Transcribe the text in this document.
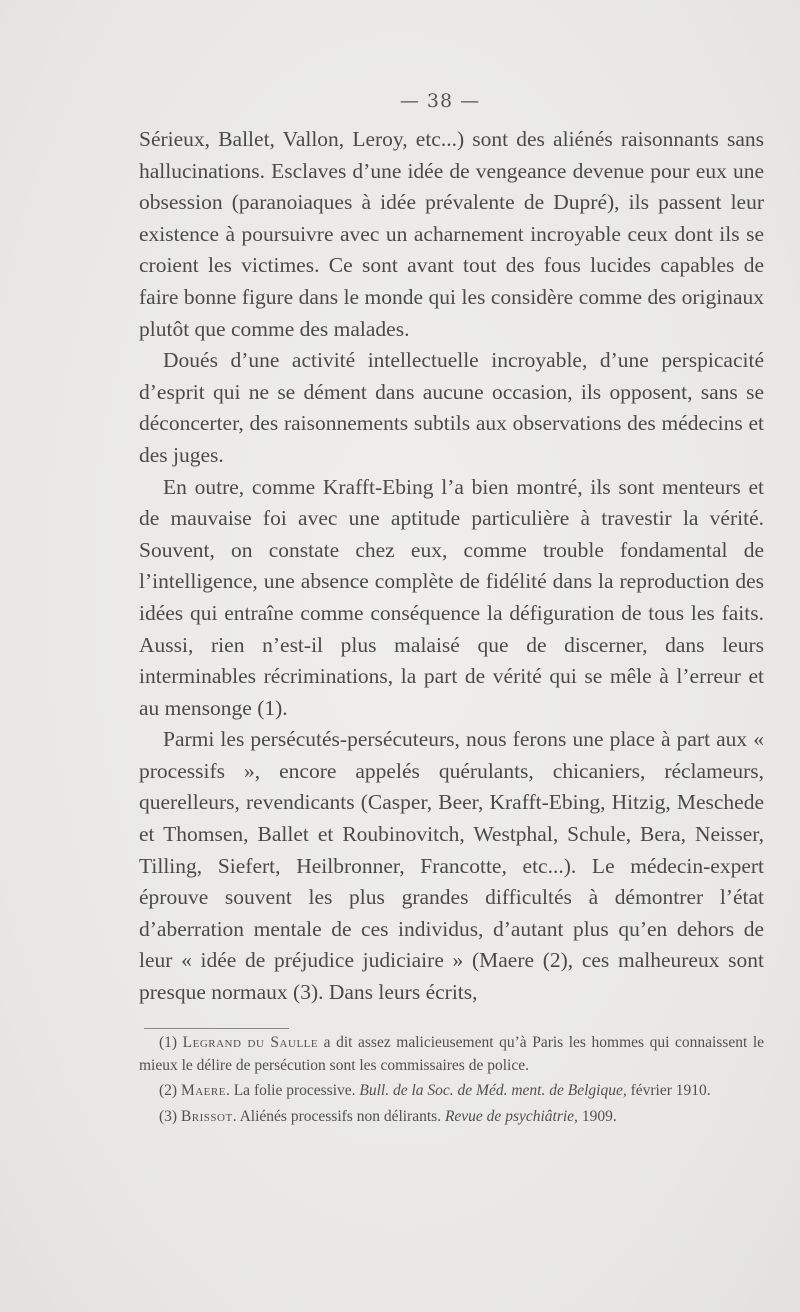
— 38 —

Sérieux, Ballet, Vallon, Leroy, etc...) sont des aliénés raisonnants sans hallucinations. Esclaves d’une idée de vengeance devenue pour eux une obsession (paranoiaques à idée prévalente de Dupré), ils passent leur existence à poursuivre avec un acharnement incroyable ceux dont ils se croient les victimes. Ce sont avant tout des fous lucides capables de faire bonne figure dans le monde qui les considère comme des originaux plutôt que comme des malades.

Doués d’une activité intellectuelle incroyable, d’une perspicacité d’esprit qui ne se dément dans aucune occasion, ils opposent, sans se déconcerter, des raisonnements subtils aux observations des médecins et des juges.

En outre, comme Krafft-Ebing l’a bien montré, ils sont menteurs et de mauvaise foi avec une aptitude particulière à travestir la vérité. Souvent, on constate chez eux, comme trouble fondamental de l’intelligence, une absence complète de fidélité dans la reproduction des idées qui entraîne comme conséquence la défiguration de tous les faits. Aussi, rien n’est-il plus malaisé que de discerner, dans leurs interminables récriminations, la part de vérité qui se mêle à l’erreur et au mensonge (1).

Parmi les persécutés-persécuteurs, nous ferons une place à part aux « processifs », encore appelés quérulants, chicaniers, réclameurs, querelleurs, revendicants (Casper, Beer, Krafft-Ebing, Hitzig, Meschede et Thomsen, Ballet et Roubinovitch, Westphal, Schule, Bera, Neisser, Tilling, Siefert, Heilbronner, Francotte, etc...). Le médecin-expert éprouve souvent les plus grandes difficultés à démontrer l’état d’aberration mentale de ces individus, d’autant plus qu’en dehors de leur « idée de préjudice judiciaire » (Maere (2), ces malheureux sont presque normaux (3). Dans leurs écrits,

(1) Legrand du Saulle a dit assez malicieusement qu’à Paris les hommes qui connaissent le mieux le délire de persécution sont les commissaires de police.

(2) Maere. La folie processive. Bull. de la Soc. de Méd. ment. de Belgique, février 1910.

(3) Brissot. Aliénés processifs non délirants. Revue de psychiâtrie, 1909.
